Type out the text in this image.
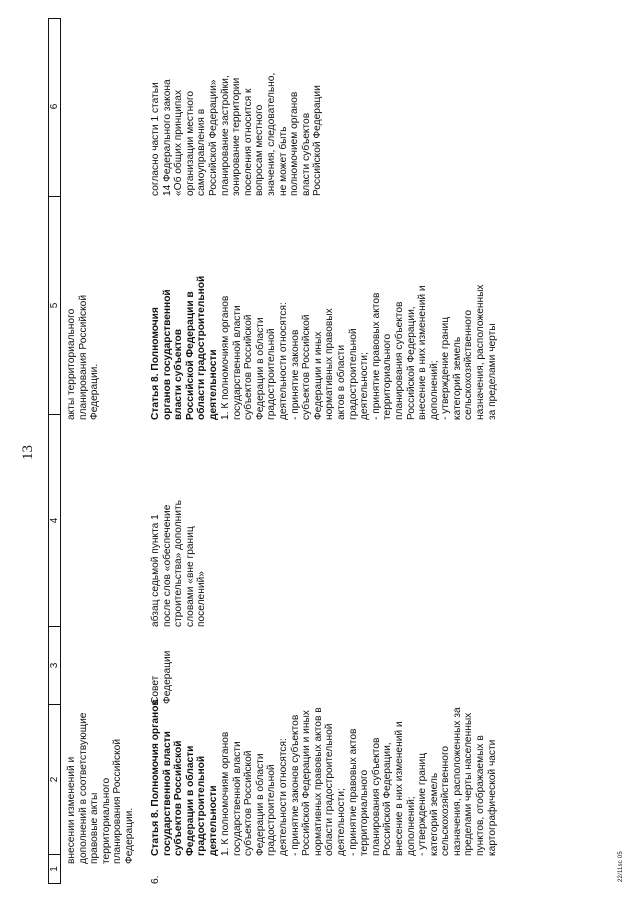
13
1
2
3
4
5
6
внесении изменений и
дополнений в соответствующие
правовые акты
территориального
планирования Российской
Федерации.
акты территориального
планирования Российской
Федерации.
6.
Статья 8. Полномочия органов
государственной власти
субъектов Российской
Федерации в области
градостроительной
деятельности 1. К полномочиям органов
государственной власти
субъектов Российской
Федерации в области
градостроительной
деятельности относятся:
- принятие законов субъектов
Российской Федерации и иных
нормативных правовых актов в
области градостроительной
деятельности;
- принятие правовых актов
территориального
планирования субъектов
Российской Федерации,
внесение в них изменений и
дополнений;
- утверждение границ
категорий земель
сельскохозяйственного
назначения, расположенных за
пределами черты населенных
пунктов, отображаемых в
картографической части
Совет
Федерации
абзац седьмой пункта 1
после слов «обеспечение
строительства» дополнить
словами «вне границ
поселений»
Статья 8. Полномочия
органов государственной
власти субъектов
Российской Федерации в
области градостроительной
деятельности 1. К полномочиям органов
государственной власти
субъектов Российской
Федерации в области
градостроительной
деятельности относятся:
- принятие законов
субъектов Российской
Федерации и иных
нормативных правовых
актов в области
градостроительной
деятельности;
- принятие правовых актов
территориального
планирования субъектов
Российской Федерации,
внесение в них изменений и
дополнений;
- утверждение границ
категорий земель
сельскохозяйственного
назначения, расположенных
за пределами черты
согласно части 1 статьи
14 Федерального закона
«Об общих принципах
организации местного
самоуправления в
Российской Федерации»
планирование застройки,
зонирование территории
поселения относится к
вопросам местного
значения, следовательно,
не может быть
полномочием органов
власти субъектов
Российской Федерации
22/11sc 05
